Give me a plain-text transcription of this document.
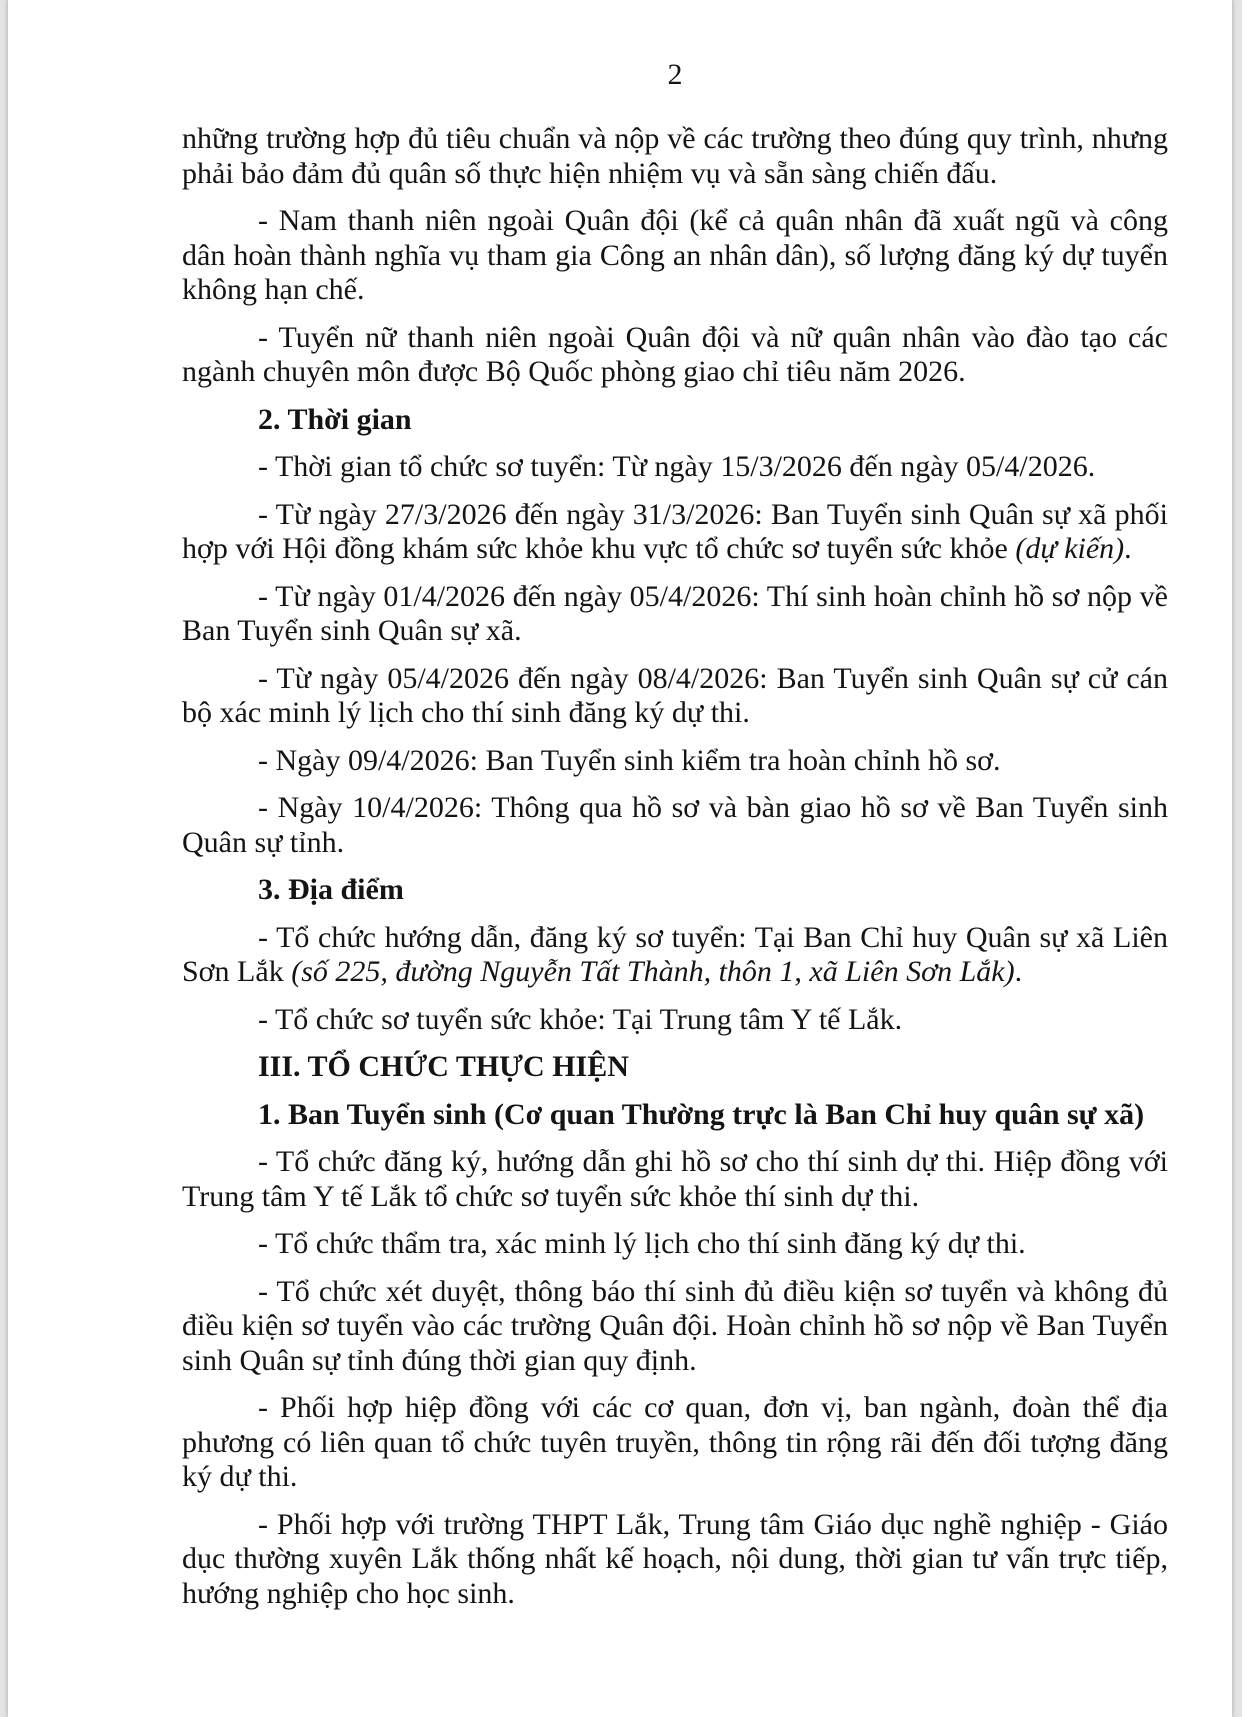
2

những trường hợp đủ tiêu chuẩn và nộp về các trường theo đúng quy trình, nhưng phải bảo đảm đủ quân số thực hiện nhiệm vụ và sẵn sàng chiến đấu.

- Nam thanh niên ngoài Quân đội (kể cả quân nhân đã xuất ngũ và công dân hoàn thành nghĩa vụ tham gia Công an nhân dân), số lượng đăng ký dự tuyển không hạn chế.

- Tuyển nữ thanh niên ngoài Quân đội và nữ quân nhân vào đào tạo các ngành chuyên môn được Bộ Quốc phòng giao chỉ tiêu năm 2026.

2. Thời gian

- Thời gian tổ chức sơ tuyển: Từ ngày 15/3/2026 đến ngày 05/4/2026.

- Từ ngày 27/3/2026 đến ngày 31/3/2026: Ban Tuyển sinh Quân sự xã phối hợp với Hội đồng khám sức khỏe khu vực tổ chức sơ tuyển sức khỏe (dự kiến).

- Từ ngày 01/4/2026 đến ngày 05/4/2026: Thí sinh hoàn chỉnh hồ sơ nộp về Ban Tuyển sinh Quân sự xã.

- Từ ngày 05/4/2026 đến ngày 08/4/2026: Ban Tuyển sinh Quân sự cử cán bộ xác minh lý lịch cho thí sinh đăng ký dự thi.

- Ngày 09/4/2026: Ban Tuyển sinh kiểm tra hoàn chỉnh hồ sơ.

- Ngày 10/4/2026: Thông qua hồ sơ và bàn giao hồ sơ về Ban Tuyển sinh Quân sự tỉnh.

3. Địa điểm

- Tổ chức hướng dẫn, đăng ký sơ tuyển: Tại Ban Chỉ huy Quân sự xã Liên Sơn Lắk (số 225, đường Nguyễn Tất Thành, thôn 1, xã Liên Sơn Lắk).

- Tổ chức sơ tuyển sức khỏe: Tại Trung tâm Y tế Lắk.

III. TỔ CHỨC THỰC HIỆN

1. Ban Tuyển sinh (Cơ quan Thường trực là Ban Chỉ huy quân sự xã)

- Tổ chức đăng ký, hướng dẫn ghi hồ sơ cho thí sinh dự thi. Hiệp đồng với Trung tâm Y tế Lắk tổ chức sơ tuyển sức khỏe thí sinh dự thi.

- Tổ chức thẩm tra, xác minh lý lịch cho thí sinh đăng ký dự thi.

- Tổ chức xét duyệt, thông báo thí sinh đủ điều kiện sơ tuyển và không đủ điều kiện sơ tuyển vào các trường Quân đội. Hoàn chỉnh hồ sơ nộp về Ban Tuyển sinh Quân sự tỉnh đúng thời gian quy định.

- Phối hợp hiệp đồng với các cơ quan, đơn vị, ban ngành, đoàn thể địa phương có liên quan tổ chức tuyên truyền, thông tin rộng rãi đến đối tượng đăng ký dự thi.

- Phối hợp với trường THPT Lắk, Trung tâm Giáo dục nghề nghiệp - Giáo dục thường xuyên Lắk thống nhất kế hoạch, nội dung, thời gian tư vấn trực tiếp, hướng nghiệp cho học sinh.
